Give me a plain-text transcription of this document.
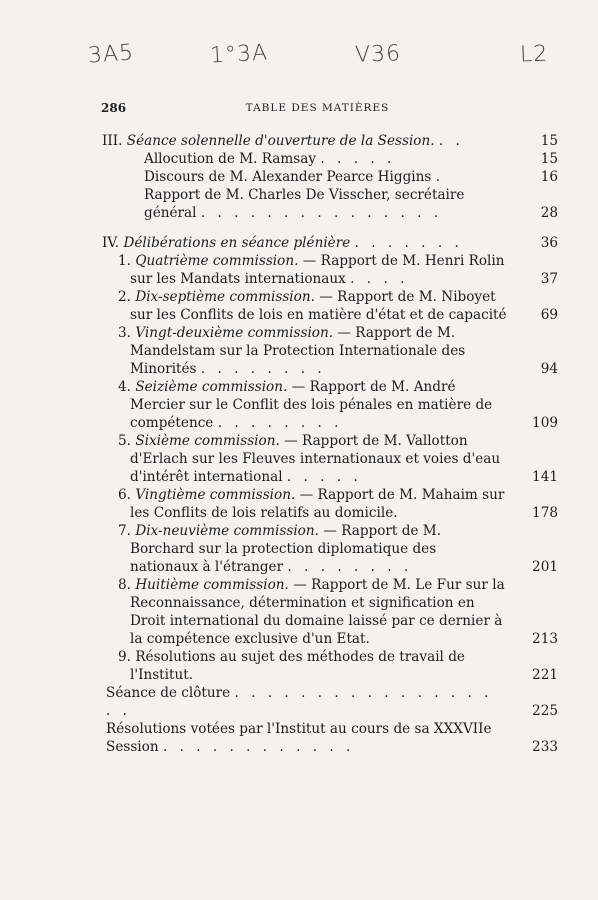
3A5	1°3A	V36	L2
286	TABLE DES MATIÈRES
III. Séance solennelle d'ouverture de la Session. . .	15
Allocution de M. Ramsay . . . . .	15
Discours de M. Alexander Pearce Higgins .	16
Rapport de M. Charles De Visscher, secrétaire général . . . . . . . . . . . . . . .	28
IV. Délibérations en séance plénière . . . . . . .	36
1. Quatrième commission. — Rapport de M. Henri Rolin sur les Mandats internationaux . . . .	37
2. Dix-septième commission. — Rapport de M. Niboyet sur les Conflits de lois en matière d'état et de capacité	69
3. Vingt-deuxième commission. — Rapport de M. Mandelstam sur la Protection Internationale des Minorités . . . . . . . .	94
4. Seizième commission. — Rapport de M. André Mercier sur le Conflit des lois pénales en matière de compétence . . . . . . . .	109
5. Sixième commission. — Rapport de M. Vallotton d'Erlach sur les Fleuves internationaux et voies d'eau d'intérêt international . . . . .	141
6. Vingtième commission. — Rapport de M. Mahaim sur les Conflits de lois relatifs au domicile.	178
7. Dix-neuvième commission. — Rapport de M. Borchard sur la protection diplomatique des nationaux à l'étranger . . . . . . . .	201
8. Huitième commission. — Rapport de M. Le Fur sur la Reconnaissance, détermination et signification en Droit international du domaine laissé par ce dernier à la compétence exclusive d'un Etat.	213
9. Résolutions au sujet des méthodes de travail de l'Institut.	221
Séance de clôture . . . . . . . . . . . . . . . . . .	225
Résolutions votées par l'Institut au cours de sa XXXVIIe Session . . . . . . . . . . . .	233
